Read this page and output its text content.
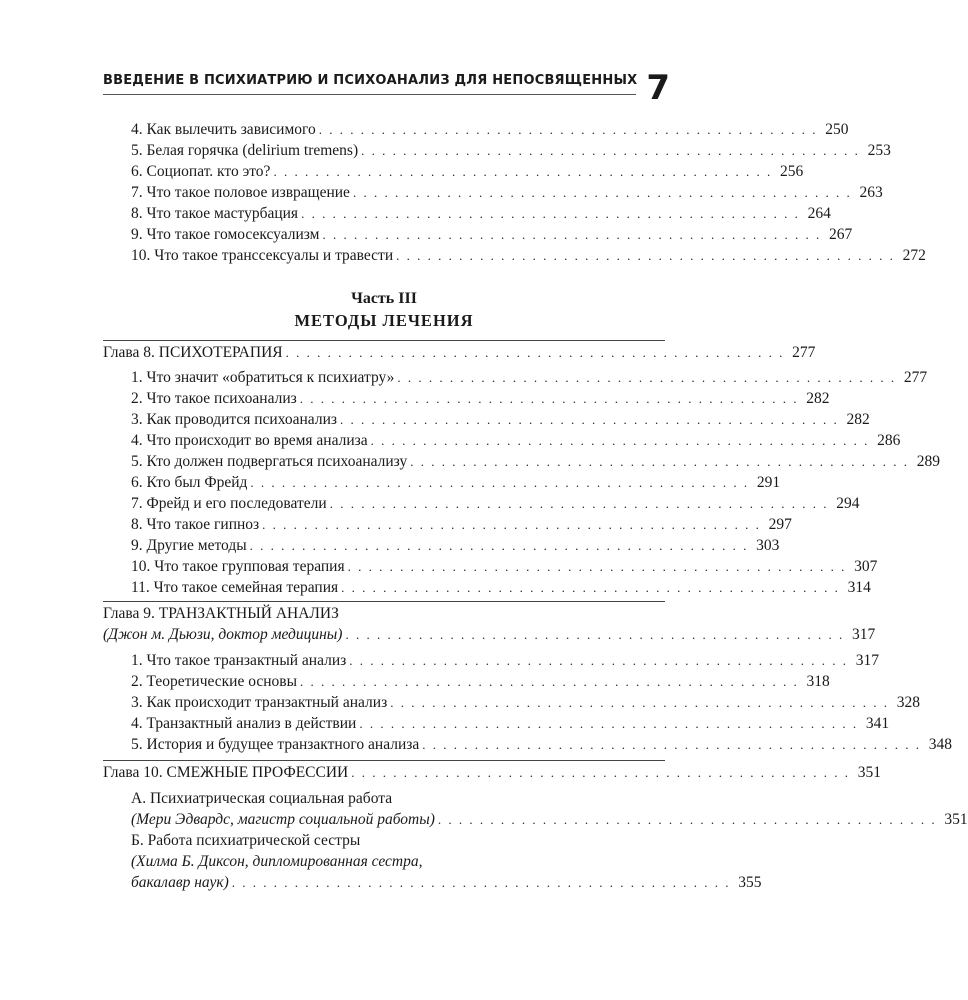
ВВЕДЕНИЕ В ПСИХИАТРИЮ И ПСИХОАНАЛИЗ ДЛЯ НЕПОСВЯЩЕННЫХ 7
4. Как вылечить зависимого . . . . . . . . . . . . . . . . . . . . . . . . . . . . . . . . . . . . . . . . . . . . . . . . 250
5. Белая горячка (delirium tremens) . . . . . . . . . . . . . . . . . . . . . . . . . . . . . . . . . . . . . . . . . . . . . . . . 253
6. Социопат. кто это? . . . . . . . . . . . . . . . . . . . . . . . . . . . . . . . . . . . . . . . . . . . . . . . . 256
7. Что такое половое извращение . . . . . . . . . . . . . . . . . . . . . . . . . . . . . . . . . . . . . . . . . . . . . . . . 263
8. Что такое мастурбация . . . . . . . . . . . . . . . . . . . . . . . . . . . . . . . . . . . . . . . . . . . . . . . . 264
9. Что такое гомосексуализм . . . . . . . . . . . . . . . . . . . . . . . . . . . . . . . . . . . . . . . . . . . . . . . . 267
10. Что такое транссексуалы и травести . . . . . . . . . . . . . . . . . . . . . . . . . . . . . . . . . . . . . . . . . . . . . . . . 272
Часть III
МЕТОДЫ ЛЕЧЕНИЯ
Глава 8. ПСИХОТЕРАПИЯ . . . . . . . . . . . . . . . . . . . . . . . . . . . . . . . . . . . . . . . . . . . . . . . . 277
1. Что значит «обратиться к психиатру» . . . . . . . . . . . . . . . . . . . . . . . . . . . . . . . . . . . . . . . . . . . . . . . . 277
2. Что такое психоанализ . . . . . . . . . . . . . . . . . . . . . . . . . . . . . . . . . . . . . . . . . . . . . . . . 282
3. Как проводится психоанализ . . . . . . . . . . . . . . . . . . . . . . . . . . . . . . . . . . . . . . . . . . . . . . . . 282
4. Что происходит во время анализа . . . . . . . . . . . . . . . . . . . . . . . . . . . . . . . . . . . . . . . . . . . . . . . . 286
5. Кто должен подвергаться психоанализу . . . . . . . . . . . . . . . . . . . . . . . . . . . . . . . . . . . . . . . . . . . . . . . . 289
6. Кто был Фрейд . . . . . . . . . . . . . . . . . . . . . . . . . . . . . . . . . . . . . . . . . . . . . . . . 291
7. Фрейд и его последователи . . . . . . . . . . . . . . . . . . . . . . . . . . . . . . . . . . . . . . . . . . . . . . . . 294
8. Что такое гипноз . . . . . . . . . . . . . . . . . . . . . . . . . . . . . . . . . . . . . . . . . . . . . . . . 297
9. Другие методы . . . . . . . . . . . . . . . . . . . . . . . . . . . . . . . . . . . . . . . . . . . . . . . . 303
10. Что такое групповая терапия . . . . . . . . . . . . . . . . . . . . . . . . . . . . . . . . . . . . . . . . . . . . . . . . 307
11. Что такое семейная терапия . . . . . . . . . . . . . . . . . . . . . . . . . . . . . . . . . . . . . . . . . . . . . . . . 314
Глава 9. ТРАНЗАКТНЫЙ АНАЛИЗ
(Джон м. Дьюзи, доктор медицины) . . . . . . . . . . . . . . . . . . . . . . . . . . . . . . . . . . . . . . . . . . . . . . . . 317
1. Что такое транзактный анализ . . . . . . . . . . . . . . . . . . . . . . . . . . . . . . . . . . . . . . . . . . . . . . . . 317
2. Теоретические основы . . . . . . . . . . . . . . . . . . . . . . . . . . . . . . . . . . . . . . . . . . . . . . . . 318
3. Как происходит транзактный анализ . . . . . . . . . . . . . . . . . . . . . . . . . . . . . . . . . . . . . . . . . . . . . . . . 328
4. Транзактный анализ в действии . . . . . . . . . . . . . . . . . . . . . . . . . . . . . . . . . . . . . . . . . . . . . . . . 341
5. История и будущее транзактного анализа . . . . . . . . . . . . . . . . . . . . . . . . . . . . . . . . . . . . . . . . . . . . . . . . 348
Глава 10. СМЕЖНЫЕ ПРОФЕССИИ . . . . . . . . . . . . . . . . . . . . . . . . . . . . . . . . . . . . . . . . . . . . . . . . 351
А. Психиатрическая социальная работа
(Мери Эдвардс, магистр социальной работы) . . . . . . . . . . . . . . . . . . . . . . . . . . . . . . . . . . . . . . . . . . . . . . . . 351
Б. Работа психиатрической сестры
(Хилма Б. Диксон, дипломированная сестра,
бакалавр наук) . . . . . . . . . . . . . . . . . . . . . . . . . . . . . . . . . . . . . . . . . . . . . . . . 355
